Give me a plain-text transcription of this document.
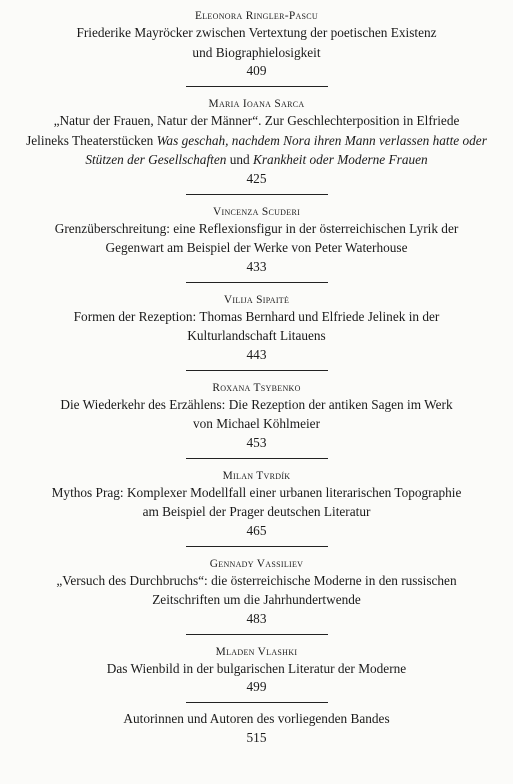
Eleonora Ringler-Pascu
Friederike Mayröcker zwischen Vertextung der poetischen Existenz
und Biographielosigkeit
409
Maria Ioana Sarca
„Natur der Frauen, Natur der Männer“. Zur Geschlechterposition in Elfriede
Jelineks Theaterstücken Was geschah, nachdem Nora ihren Mann verlassen hatte oder
Stützen der Gesellschaften und Krankheit oder Moderne Frauen
425
Vincenza Scuderi
Grenzüberschreitung: eine Reflexionsfigur in der österreichischen Lyrik der
Gegenwart am Beispiel der Werke von Peter Waterhouse
433
Vilija Sipaitė
Formen der Rezeption: Thomas Bernhard und Elfriede Jelinek in der
Kulturlandschaft Litauens
443
Roxana Tsybenko
Die Wiederkehr des Erzählens: Die Rezeption der antiken Sagen im Werk
von Michael Köhlmeier
453
Milan Tvrdík
Mythos Prag: Komplexer Modellfall einer urbanen literarischen Topographie
am Beispiel der Prager deutschen Literatur
465
Gennady Vassiliev
„Versuch des Durchbruchs“: die österreichische Moderne in den russischen
Zeitschriften um die Jahrhundertwende
483
Mladen Vlashki
Das Wienbild in der bulgarischen Literatur der Moderne
499
Autorinnen und Autoren des vorliegenden Bandes
515
